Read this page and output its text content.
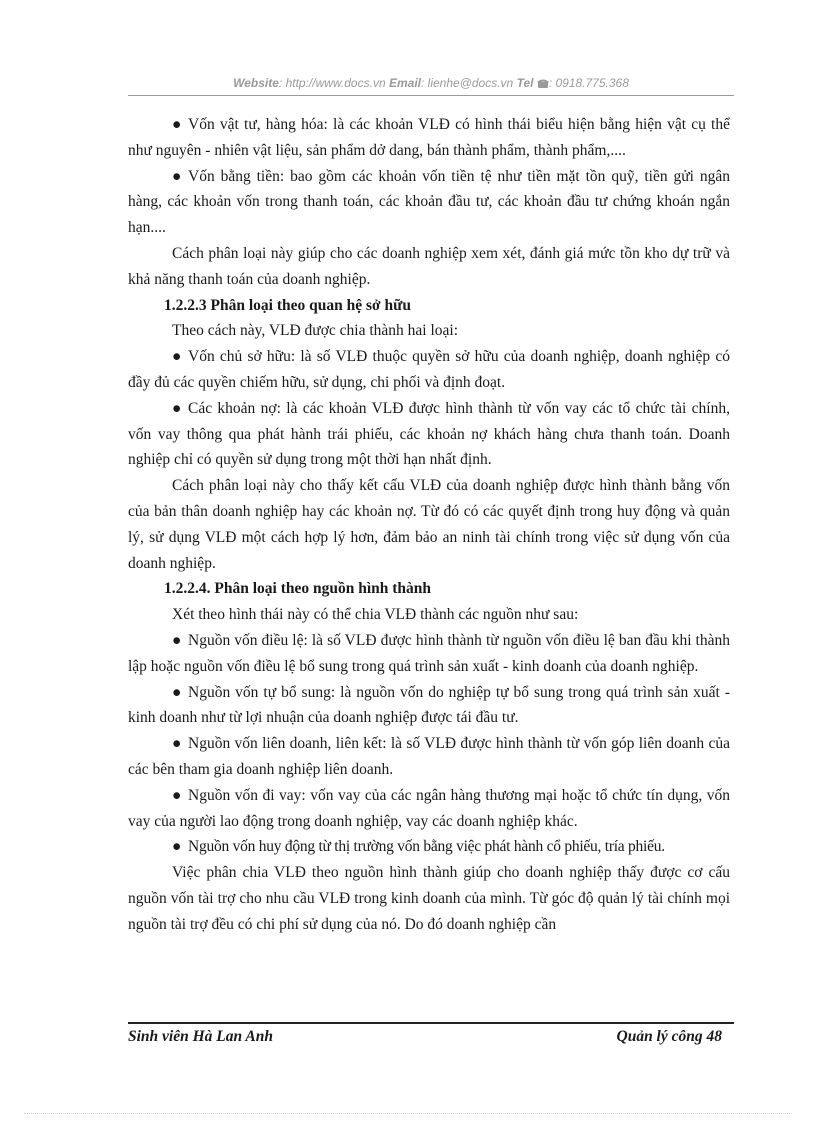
Website: http://www.docs.vn Email: lienhe@docs.vn Tel : 0918.775.368

● Vốn vật tư, hàng hóa: là các khoản VLĐ có hình thái biểu hiện bằng hiện vật cụ thể như nguyên - nhiên vật liệu, sản phẩm dở dang, bán thành phẩm, thành phẩm,....

● Vốn bằng tiền: bao gồm các khoản vốn tiền tệ như tiền mặt tồn quỹ, tiền gửi ngân hàng, các khoản vốn trong thanh toán, các khoản đầu tư, các khoản đầu tư chứng khoán ngắn hạn....

Cách phân loại này giúp cho các doanh nghiệp xem xét, đánh giá mức tồn kho dự trữ và khả năng thanh toán của doanh nghiệp.

1.2.2.3 Phân loại theo quan hệ sở hữu

Theo cách này, VLĐ được chia thành hai loại:

● Vốn chủ sở hữu: là số VLĐ thuộc quyền sở hữu của doanh nghiệp, doanh nghiệp có đầy đủ các quyền chiếm hữu, sử dụng, chi phối và định đoạt.

● Các khoản nợ: là các khoản VLĐ được hình thành từ vốn vay các tổ chức tài chính, vốn vay thông qua phát hành trái phiếu, các khoản nợ khách hàng chưa thanh toán. Doanh nghiệp chỉ có quyền sử dụng trong một thời hạn nhất định.

Cách phân loại này cho thấy kết cấu VLĐ của doanh nghiệp được hình thành bằng vốn của bản thân doanh nghiệp hay các khoản nợ. Từ đó có các quyết định trong huy động và quản lý, sử dụng VLĐ một cách hợp lý hơn, đảm bảo an ninh tài chính trong việc sử dụng vốn của doanh nghiệp.

1.2.2.4. Phân loại theo nguồn hình thành

Xét theo hình thái này có thể chia VLĐ thành các nguồn như sau:

● Nguồn vốn điều lệ: là số VLĐ được hình thành từ nguồn vốn điều lệ ban đầu khi thành lập hoặc nguồn vốn điều lệ bổ sung trong quá trình sản xuất - kinh doanh của doanh nghiệp.

● Nguồn vốn tự bổ sung: là nguồn vốn do nghiệp tự bổ sung trong quá trình sản xuất - kinh doanh như từ lợi nhuận của doanh nghiệp được tái đầu tư.

● Nguồn vốn liên doanh, liên kết: là số VLĐ được hình thành từ vốn góp liên doanh của các bên tham gia doanh nghiệp liên doanh.

● Nguồn vốn đi vay: vốn vay của các ngân hàng thương mại hoặc tổ chức tín dụng, vốn vay của người lao động trong doanh nghiệp, vay các doanh nghiệp khác.

● Nguồn vốn huy động từ thị trường vốn bằng việc phát hành cổ phiếu, tría phiếu.

Việc phân chia VLĐ theo nguồn hình thành giúp cho doanh nghiệp thấy được cơ cấu nguồn vốn tài trợ cho nhu cầu VLĐ trong kinh doanh của mình. Từ góc độ quản lý tài chính mọi nguồn tài trợ đều có chi phí sử dụng của nó. Do đó doanh nghiệp cần

Sinh viên Hà Lan Anh	Quản lý công 48
